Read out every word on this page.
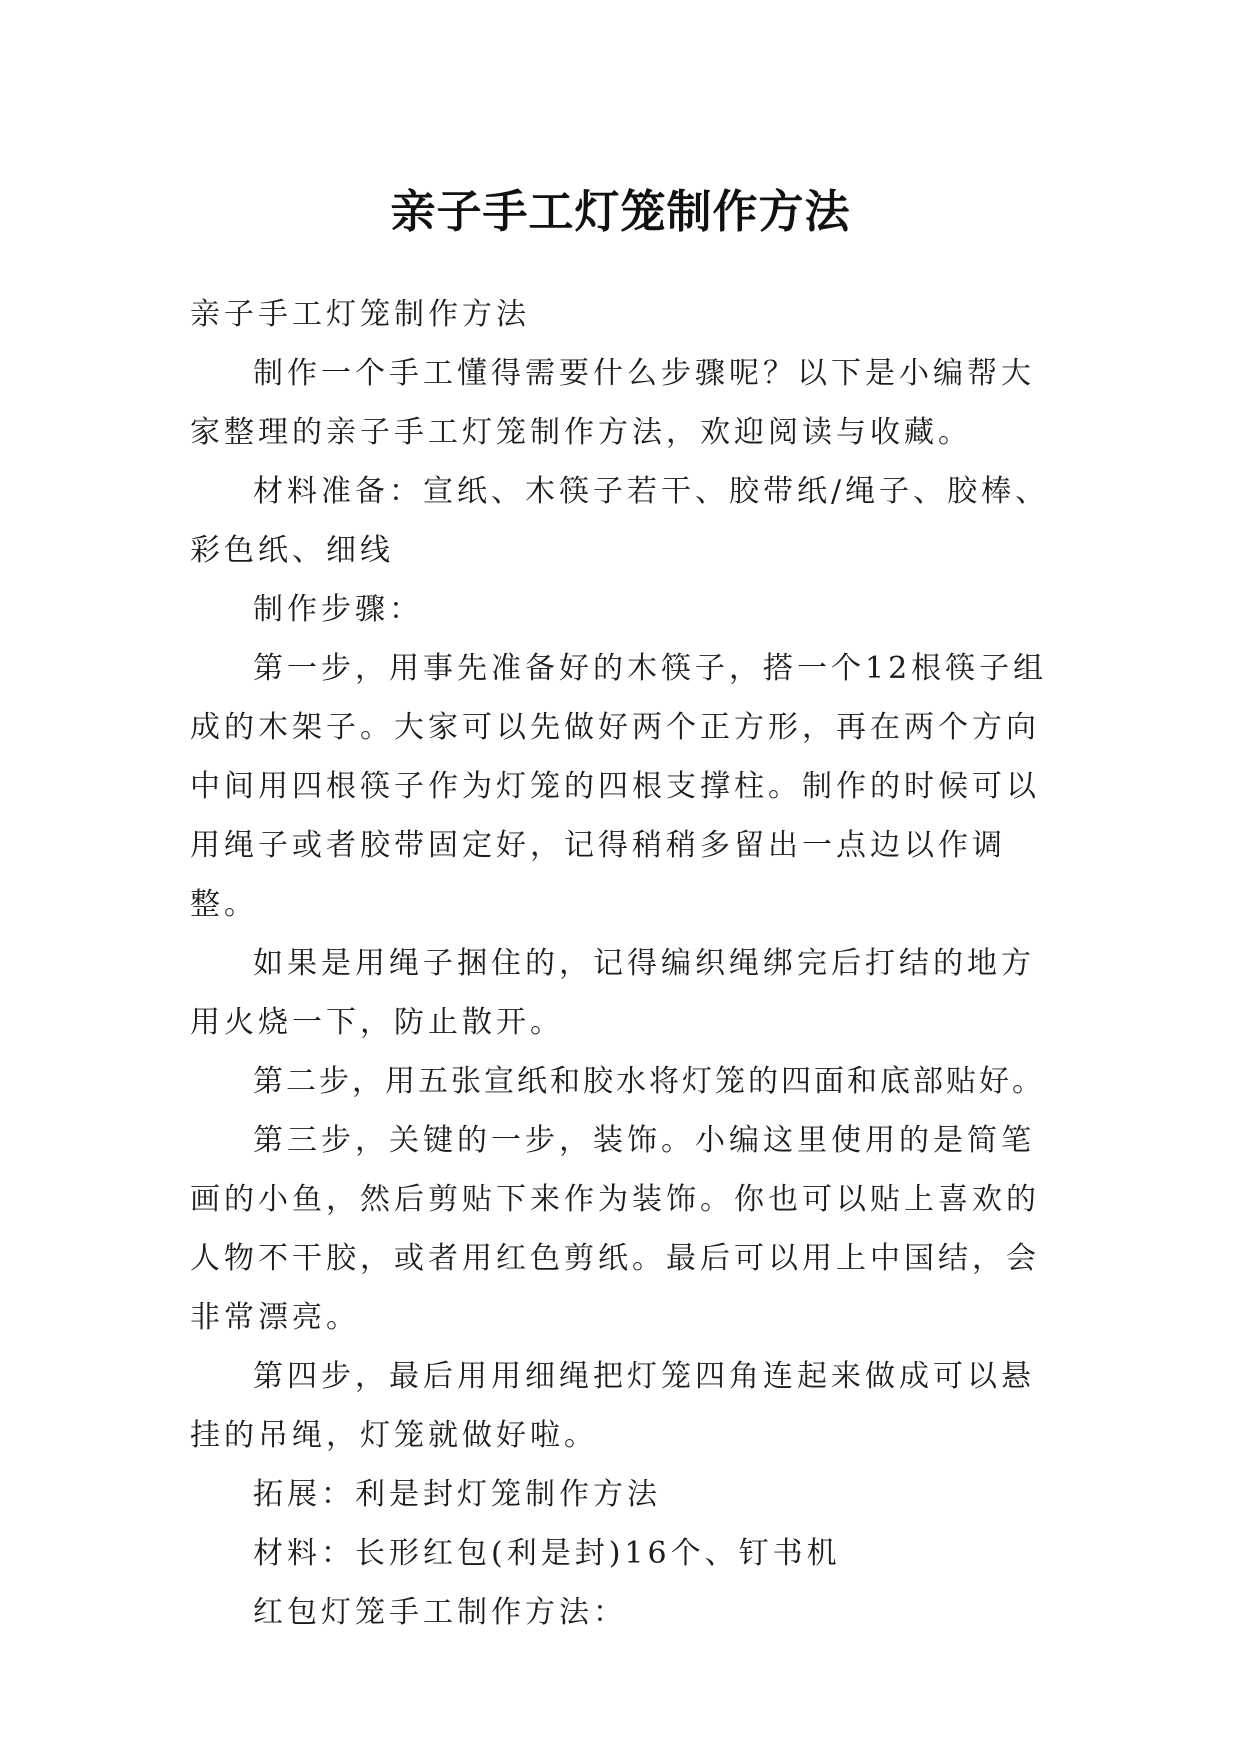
亲子手工灯笼制作方法

亲子手工灯笼制作方法

制作一个手工懂得需要什么步骤呢？以下是小编帮大家整理的亲子手工灯笼制作方法，欢迎阅读与收藏。

材料准备：宣纸、木筷子若干、胶带纸/绳子、胶棒、彩色纸、细线

制作步骤：

第一步，用事先准备好的木筷子，搭一个12根筷子组成的木架子。大家可以先做好两个正方形，再在两个方向中间用四根筷子作为灯笼的四根支撑柱。制作的时候可以用绳子或者胶带固定好，记得稍稍多留出一点边以作调整。

如果是用绳子捆住的，记得编织绳绑完后打结的地方用火烧一下，防止散开。

第二步，用五张宣纸和胶水将灯笼的四面和底部贴好。

第三步，关键的一步，装饰。小编这里使用的是简笔画的小鱼，然后剪贴下来作为装饰。你也可以贴上喜欢的人物不干胶，或者用红色剪纸。最后可以用上中国结，会非常漂亮。

第四步，最后用用细绳把灯笼四角连起来做成可以悬挂的吊绳，灯笼就做好啦。

拓展：利是封灯笼制作方法

材料：长形红包(利是封)16个、钉书机

红包灯笼手工制作方法：
